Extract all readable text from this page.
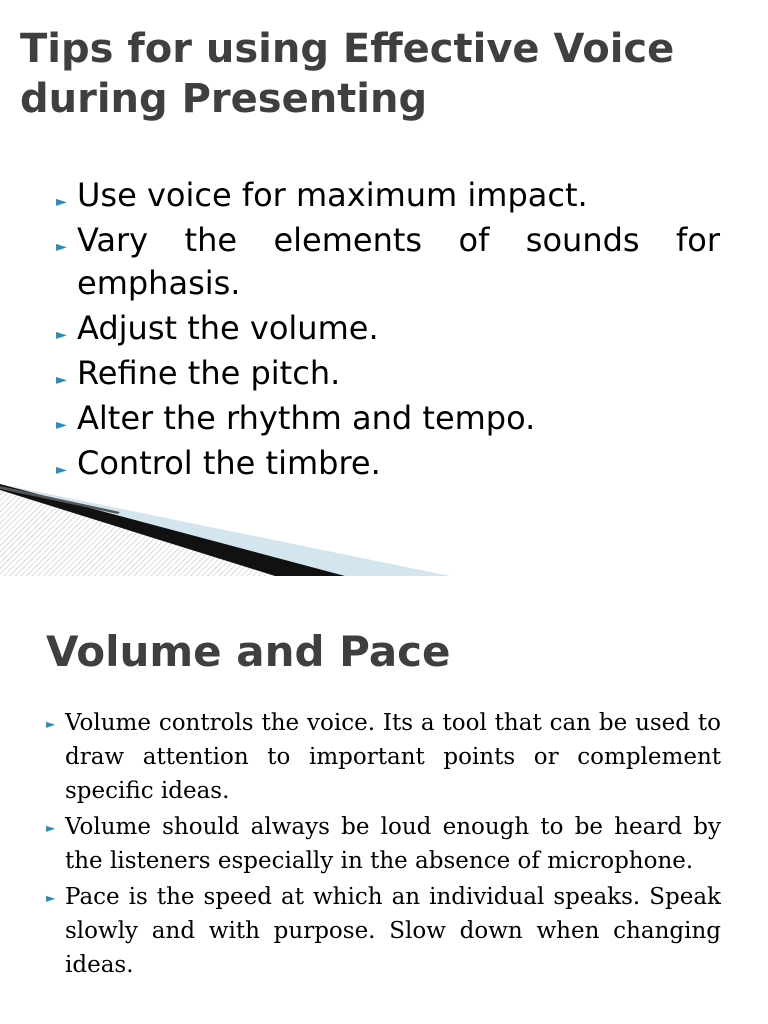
Tips for using Effective Voice during Presenting
► Use voice for maximum impact.
► Vary the elements of sounds for emphasis.
► Adjust the volume.
► Refine the pitch.
► Alter the rhythm and tempo.
► Control the timbre.
Volume and Pace
► Volume controls the voice. Its a tool that can be used to draw attention to important points or complement specific ideas.
► Volume should always be loud enough to be heard by the listeners especially in the absence of microphone.
► Pace is the speed at which an individual speaks. Speak slowly and with purpose. Slow down when changing ideas.
